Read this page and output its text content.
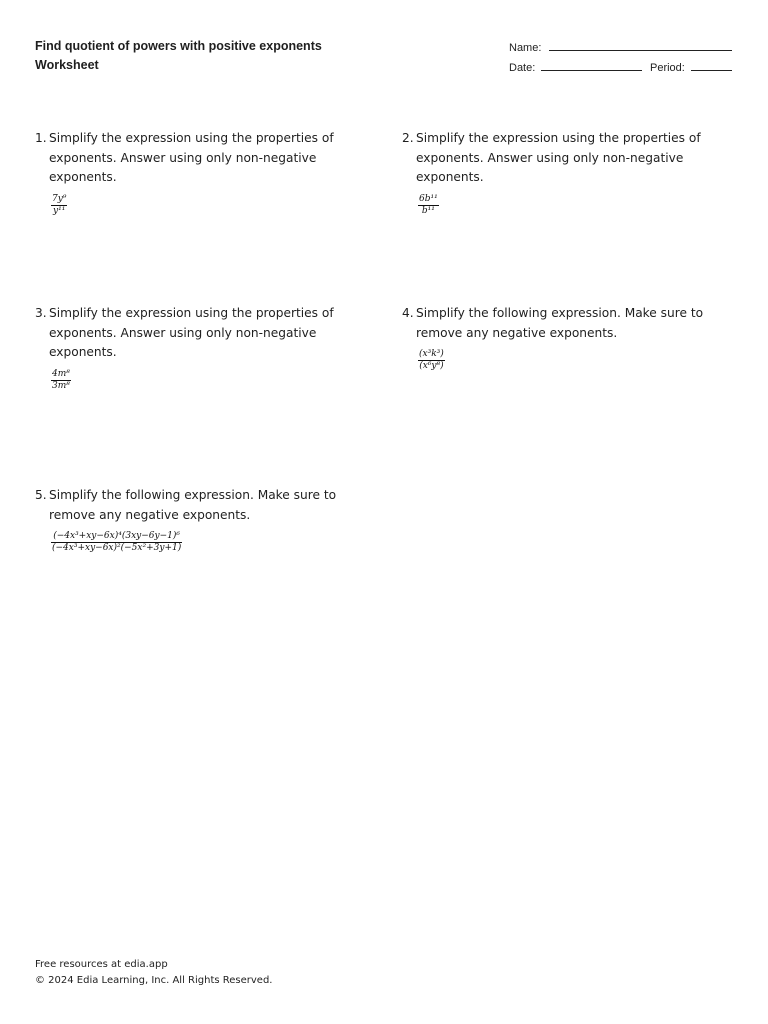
Find quotient of powers with positive exponents
Worksheet
Name:
Date:	Period:
1. Simplify the expression using the properties of exponents. Answer using only non-negative exponents.
$\frac{\text{7y⁹}}{\text{y¹¹}}$
2. Simplify the expression using the properties of exponents. Answer using only non-negative exponents.
$\frac{\text{6b¹¹}}{\text{b¹¹}}$
3. Simplify the expression using the properties of exponents. Answer using only non-negative exponents.
$\frac{\text{4m⁸}}{\text{3m⁸}}$
4. Simplify the following expression. Make sure to remove any negative exponents.
$\frac{\text{(x³k³)}}{\text{(x⁶y⁸)}}$
5. Simplify the following expression. Make sure to remove any negative exponents.
$\frac{\text{(−4x³+xy−6x)⁴(3xy−6y−1)⁶}}{\text{(−4x³+xy−6x)²(−5x²+3y+1)}}$
Free resources at edia.app
© 2024 Edia Learning, Inc. All Rights Reserved.
